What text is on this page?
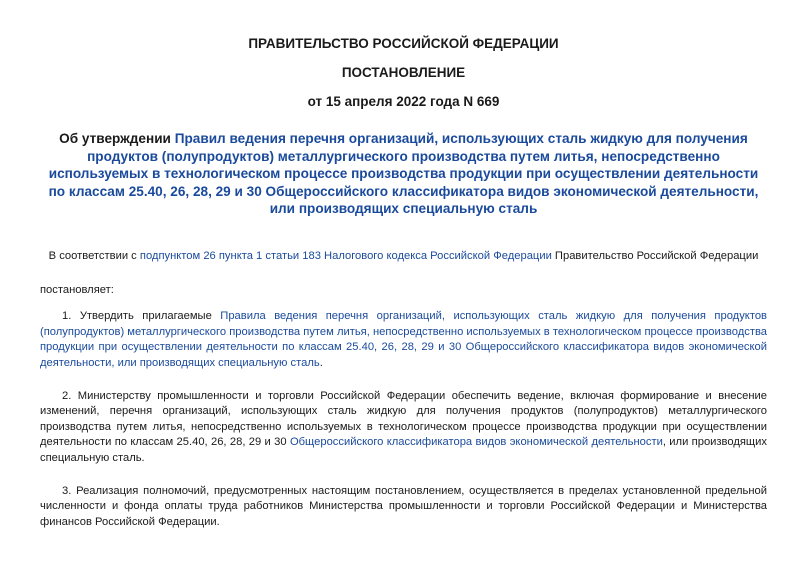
ПРАВИТЕЛЬСТВО РОССИЙСКОЙ ФЕДЕРАЦИИ

ПОСТАНОВЛЕНИЕ

от 15 апреля 2022 года N 669

Об утверждении Правил ведения перечня организаций, использующих сталь жидкую для получения продуктов (полупродуктов) металлургического производства путем литья, непосредственно используемых в технологическом процессе производства продукции при осуществлении деятельности по классам 25.40, 26, 28, 29 и 30 Общероссийского классификатора видов экономической деятельности, или производящих специальную сталь

В соответствии с подпунктом 26 пункта 1 статьи 183 Налогового кодекса Российской Федерации Правительство Российской Федерации

постановляет:

1. Утвердить прилагаемые Правила ведения перечня организаций, использующих сталь жидкую для получения продуктов (полупродуктов) металлургического производства путем литья, непосредственно используемых в технологическом процессе производства продукции при осуществлении деятельности по классам 25.40, 26, 28, 29 и 30 Общероссийского классификатора видов экономической деятельности, или производящих специальную сталь.

2. Министерству промышленности и торговли Российской Федерации обеспечить ведение, включая формирование и внесение изменений, перечня организаций, использующих сталь жидкую для получения продуктов (полупродуктов) металлургического производства путем литья, непосредственно используемых в технологическом процессе производства продукции при осуществлении деятельности по классам 25.40, 26, 28, 29 и 30 Общероссийского классификатора видов экономической деятельности, или производящих специальную сталь.

3. Реализация полномочий, предусмотренных настоящим постановлением, осуществляется в пределах установленной предельной численности и фонда оплаты труда работников Министерства промышленности и торговли Российской Федерации и Министерства финансов Российской Федерации.
